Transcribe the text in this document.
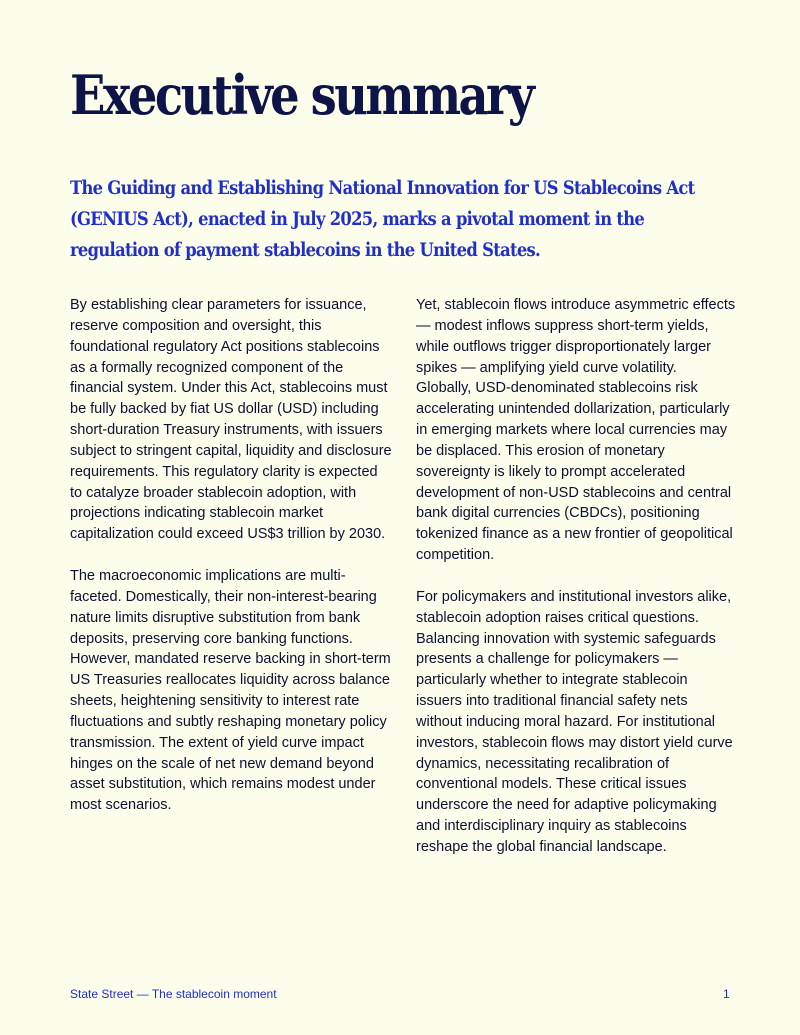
Executive summary

The Guiding and Establishing National Innovation for US Stablecoins Act (GENIUS Act), enacted in July 2025, marks a pivotal moment in the regulation of payment stablecoins in the United States.

By establishing clear parameters for issuance, reserve composition and oversight, this foundational regulatory Act positions stablecoins as a formally recognized component of the financial system. Under this Act, stablecoins must be fully backed by fiat US dollar (USD) including short-duration Treasury instruments, with issuers subject to stringent capital, liquidity and disclosure requirements. This regulatory clarity is expected to catalyze broader stablecoin adoption, with projections indicating stablecoin market capitalization could exceed US$3 trillion by 2030.

The macroeconomic implications are multi-faceted. Domestically, their non-interest-bearing nature limits disruptive substitution from bank deposits, preserving core banking functions. However, mandated reserve backing in short-term US Treasuries reallocates liquidity across balance sheets, heightening sensitivity to interest rate fluctuations and subtly reshaping monetary policy transmission. The extent of yield curve impact hinges on the scale of net new demand beyond asset substitution, which remains modest under most scenarios.

Yet, stablecoin flows introduce asymmetric effects — modest inflows suppress short-term yields, while outflows trigger disproportionately larger spikes — amplifying yield curve volatility. Globally, USD-denominated stablecoins risk accelerating unintended dollarization, particularly in emerging markets where local currencies may be displaced. This erosion of monetary sovereignty is likely to prompt accelerated development of non-USD stablecoins and central bank digital currencies (CBDCs), positioning tokenized finance as a new frontier of geopolitical competition.

For policymakers and institutional investors alike, stablecoin adoption raises critical questions. Balancing innovation with systemic safeguards presents a challenge for policymakers — particularly whether to integrate stablecoin issuers into traditional financial safety nets without inducing moral hazard. For institutional investors, stablecoin flows may distort yield curve dynamics, necessitating recalibration of conventional models. These critical issues underscore the need for adaptive policymaking and interdisciplinary inquiry as stablecoins reshape the global financial landscape.

State Street — The stablecoin moment	1
